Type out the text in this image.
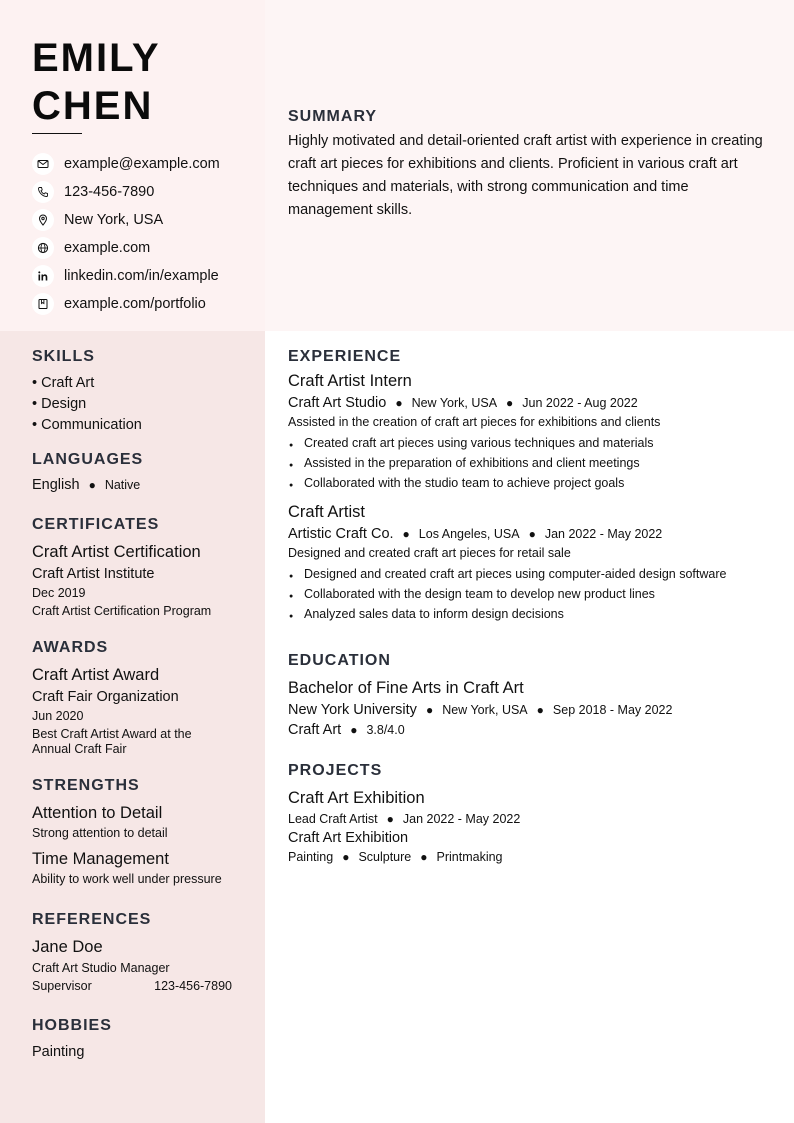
EMILY
CHEN
example@example.com
123-456-7890
New York, USA
example.com
linkedin.com/in/example
example.com/portfolio
SUMMARY

Highly motivated and detail-oriented craft artist with experience in creating craft art pieces for exhibitions and clients. Proficient in various craft art techniques and materials, with strong communication and time management skills.

SKILLS
• Craft Art
• Design
• Communication
LANGUAGES
English ● Native
CERTIFICATES
Craft Artist Certification
Craft Artist Institute
Dec 2019
Craft Artist Certification Program
AWARDS
Craft Artist Award
Craft Fair Organization
Jun 2020
Best Craft Artist Award at the Annual Craft Fair
STRENGTHS
Attention to Detail
Strong attention to detail
Time Management
Ability to work well under pressure
REFERENCES
Jane Doe
Craft Art Studio Manager
Supervisor	123-456-7890
HOBBIES
Painting
EXPERIENCE
Craft Artist Intern
Craft Art Studio ● New York, USA ● Jun 2022 - Aug 2022
Assisted in the creation of craft art pieces for exhibitions and clients
● Created craft art pieces using various techniques and materials
● Assisted in the preparation of exhibitions and client meetings
● Collaborated with the studio team to achieve project goals
Craft Artist
Artistic Craft Co. ● Los Angeles, USA ● Jan 2022 - May 2022
Designed and created craft art pieces for retail sale
● Designed and created craft art pieces using computer-aided design software
● Collaborated with the design team to develop new product lines
● Analyzed sales data to inform design decisions
EDUCATION
Bachelor of Fine Arts in Craft Art
New York University ● New York, USA ● Sep 2018 - May 2022
Craft Art ● 3.8/4.0
PROJECTS
Craft Art Exhibition
Lead Craft Artist ● Jan 2022 - May 2022
Craft Art Exhibition
Painting ● Sculpture ● Printmaking
